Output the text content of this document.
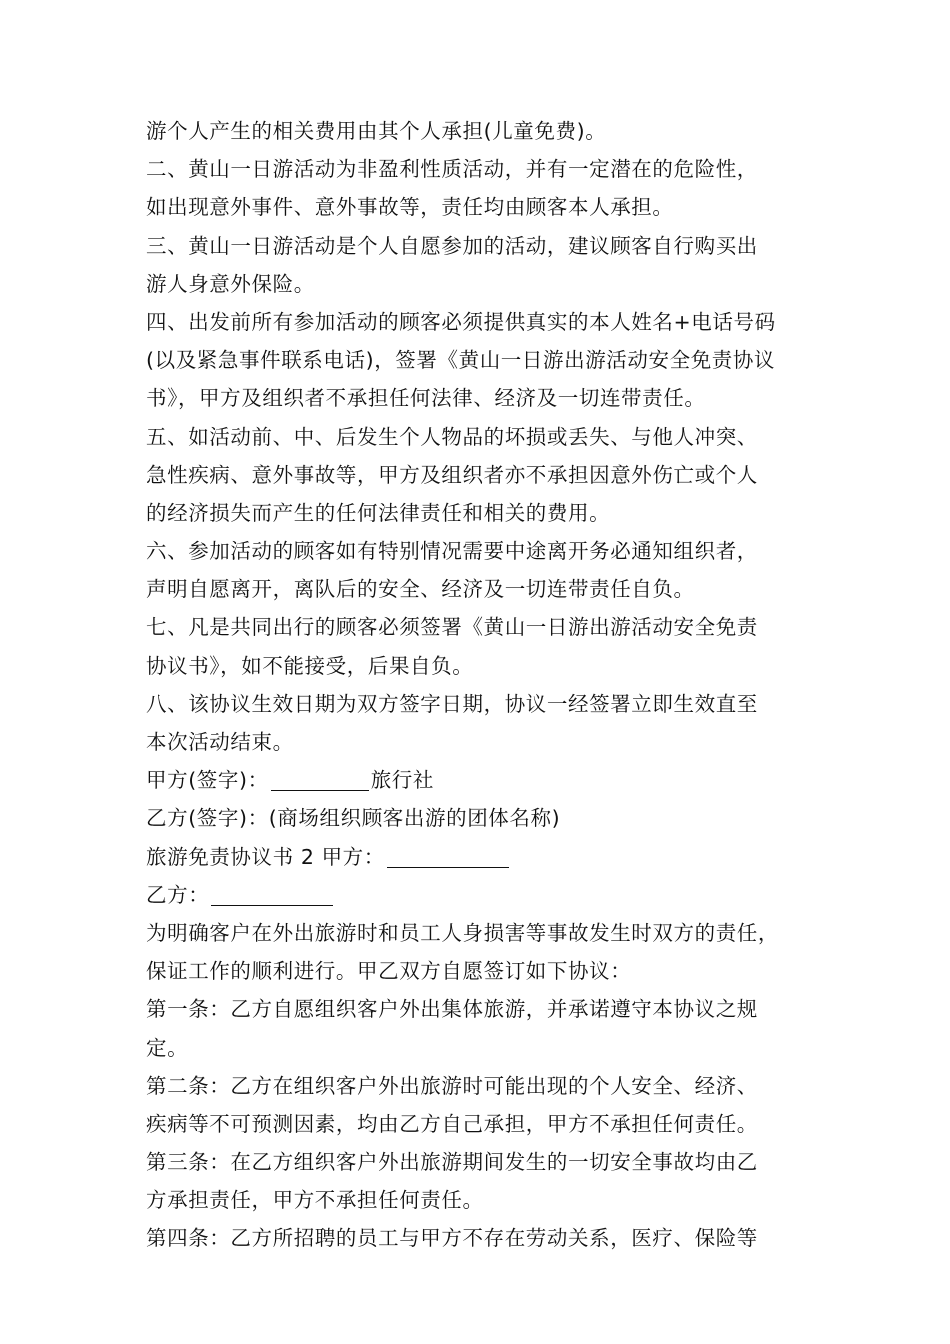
游个人产生的相关费用由其个人承担(儿童免费)。
二、黄山一日游活动为非盈利性质活动，并有一定潜在的危险性，
如出现意外事件、意外事故等，责任均由顾客本人承担。
三、黄山一日游活动是个人自愿参加的活动，建议顾客自行购买出
游人身意外保险。
四、出发前所有参加活动的顾客必须提供真实的本人姓名+电话号码
(以及紧急事件联系电话)，签署《黄山一日游出游活动安全免责协议
书》，甲方及组织者不承担任何法律、经济及一切连带责任。
五、如活动前、中、后发生个人物品的坏损或丢失、与他人冲突、
急性疾病、意外事故等，甲方及组织者亦不承担因意外伤亡或个人
的经济损失而产生的任何法律责任和相关的费用。
六、参加活动的顾客如有特别情况需要中途离开务必通知组织者，
声明自愿离开，离队后的安全、经济及一切连带责任自负。
七、凡是共同出行的顾客必须签署《黄山一日游出游活动安全免责
协议书》，如不能接受，后果自负。
八、该协议生效日期为双方签字日期，协议一经签署立即生效直至
本次活动结束。
甲方(签字)：	旅行社
乙方(签字)：(商场组织顾客出游的团体名称)
旅游免责协议书 2 甲方：
乙方：
为明确客户在外出旅游时和员工人身损害等事故发生时双方的责任，
保证工作的顺利进行。甲乙双方自愿签订如下协议：
第一条：乙方自愿组织客户外出集体旅游，并承诺遵守本协议之规
定。
第二条：乙方在组织客户外出旅游时可能出现的个人安全、经济、
疾病等不可预测因素，均由乙方自己承担，甲方不承担任何责任。
第三条：在乙方组织客户外出旅游期间发生的一切安全事故均由乙
方承担责任，甲方不承担任何责任。
第四条：乙方所招聘的员工与甲方不存在劳动关系，医疗、保险等
